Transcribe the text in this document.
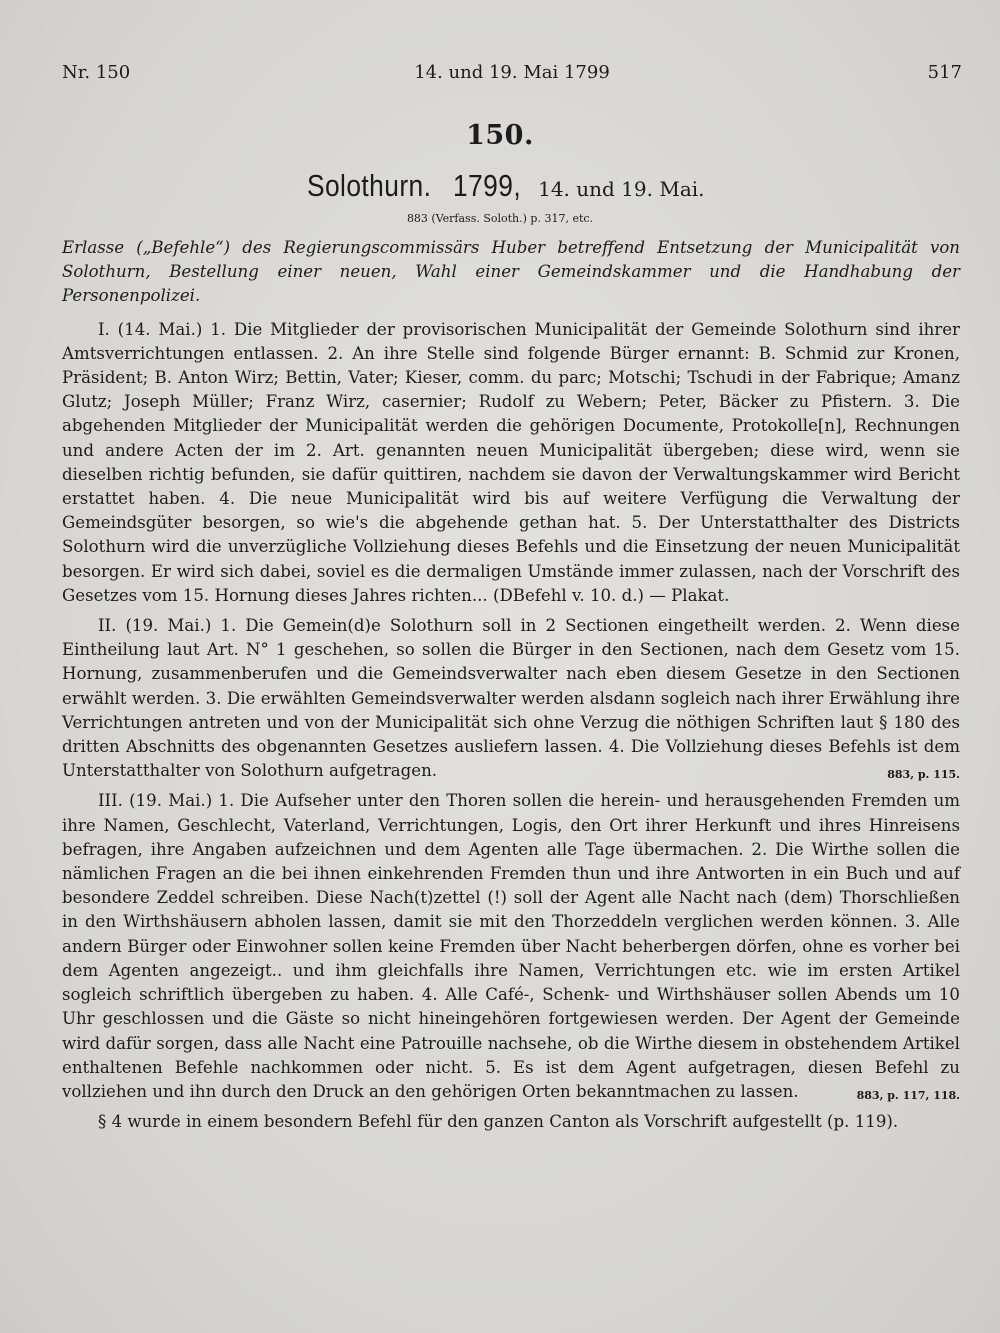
Nr. 150	14. und 19. Mai 1799	517
150.
Solothurn. 1799, 14. und 19. Mai.
883 (Verfass. Soloth.) p. 317, etc.

Erlasse („Befehle“) des Regierungscommissärs Huber betreffend Entsetzung der Municipalität von Solothurn, Bestellung einer neuen, Wahl einer Gemeindskammer und die Handhabung der Personenpolizei.

I. (14. Mai.) 1. Die Mitglieder der provisorischen Municipalität der Gemeinde Solothurn sind ihrer Amtsverrichtungen entlassen. 2. An ihre Stelle sind folgende Bürger ernannt: B. Schmid zur Kronen, Präsident; B. Anton Wirz; Bettin, Vater; Kieser, comm. du parc; Motschi; Tschudi in der Fabrique; Amanz Glutz; Joseph Müller; Franz Wirz, casernier; Rudolf zu Webern; Peter, Bäcker zu Pfistern. 3. Die abgehenden Mitglieder der Municipalität werden die gehörigen Documente, Protokolle[n], Rechnungen und andere Acten der im 2. Art. genannten neuen Municipalität übergeben; diese wird, wenn sie dieselben richtig befunden, sie dafür quittiren, nachdem sie davon der Verwaltungskammer wird Bericht erstattet haben. 4. Die neue Municipalität wird bis auf weitere Verfügung die Verwaltung der Gemeindsgüter besorgen, so wie's die abgehende gethan hat. 5. Der Unterstatthalter des Districts Solothurn wird die unverzügliche Vollziehung dieses Befehls und die Einsetzung der neuen Municipalität besorgen. Er wird sich dabei, soviel es die dermaligen Umstände immer zulassen, nach der Vorschrift des Gesetzes vom 15. Hornung dieses Jahres richten... (DBefehl v. 10. d.) — Plakat.

II. (19. Mai.) 1. Die Gemein(d)e Solothurn soll in 2 Sectionen eingetheilt werden. 2. Wenn diese Eintheilung laut Art. N° 1 geschehen, so sollen die Bürger in den Sectionen, nach dem Gesetz vom 15. Hornung, zusammenberufen und die Gemeindsverwalter nach eben diesem Gesetze in den Sectionen erwählt werden. 3. Die erwählten Gemeindsverwalter werden alsdann sogleich nach ihrer Erwählung ihre Verrichtungen antreten und von der Municipalität sich ohne Verzug die nöthigen Schriften laut § 180 des dritten Abschnitts des obgenannten Gesetzes ausliefern lassen. 4. Die Vollziehung dieses Befehls ist dem Unterstatthalter von Solothurn aufgetragen.	883, p. 115.

III. (19. Mai.) 1. Die Aufseher unter den Thoren sollen die herein- und herausgehenden Fremden um ihre Namen, Geschlecht, Vaterland, Verrichtungen, Logis, den Ort ihrer Herkunft und ihres Hinreisens befragen, ihre Angaben aufzeichnen und dem Agenten alle Tage übermachen. 2. Die Wirthe sollen die nämlichen Fragen an die bei ihnen einkehrenden Fremden thun und ihre Antworten in ein Buch und auf besondere Zeddel schreiben. Diese Nach(t)zettel (!) soll der Agent alle Nacht nach (dem) Thorschließen in den Wirthshäusern abholen lassen, damit sie mit den Thorzeddeln verglichen werden können. 3. Alle andern Bürger oder Einwohner sollen keine Fremden über Nacht beherbergen dörfen, ohne es vorher bei dem Agenten angezeigt.. und ihm gleichfalls ihre Namen, Verrichtungen etc. wie im ersten Artikel sogleich schriftlich übergeben zu haben. 4. Alle Café-, Schenk- und Wirthshäuser sollen Abends um 10 Uhr geschlossen und die Gäste so nicht hineingehören fortgewiesen werden. Der Agent der Gemeinde wird dafür sorgen, dass alle Nacht eine Patrouille nachsehe, ob die Wirthe diesem in obstehendem Artikel enthaltenen Befehle nachkommen oder nicht. 5. Es ist dem Agent aufgetragen, diesen Befehl zu vollziehen und ihn durch den Druck an den gehörigen Orten bekanntmachen zu lassen.	883, p. 117, 118.

§ 4 wurde in einem besondern Befehl für den ganzen Canton als Vorschrift aufgestellt (p. 119).
